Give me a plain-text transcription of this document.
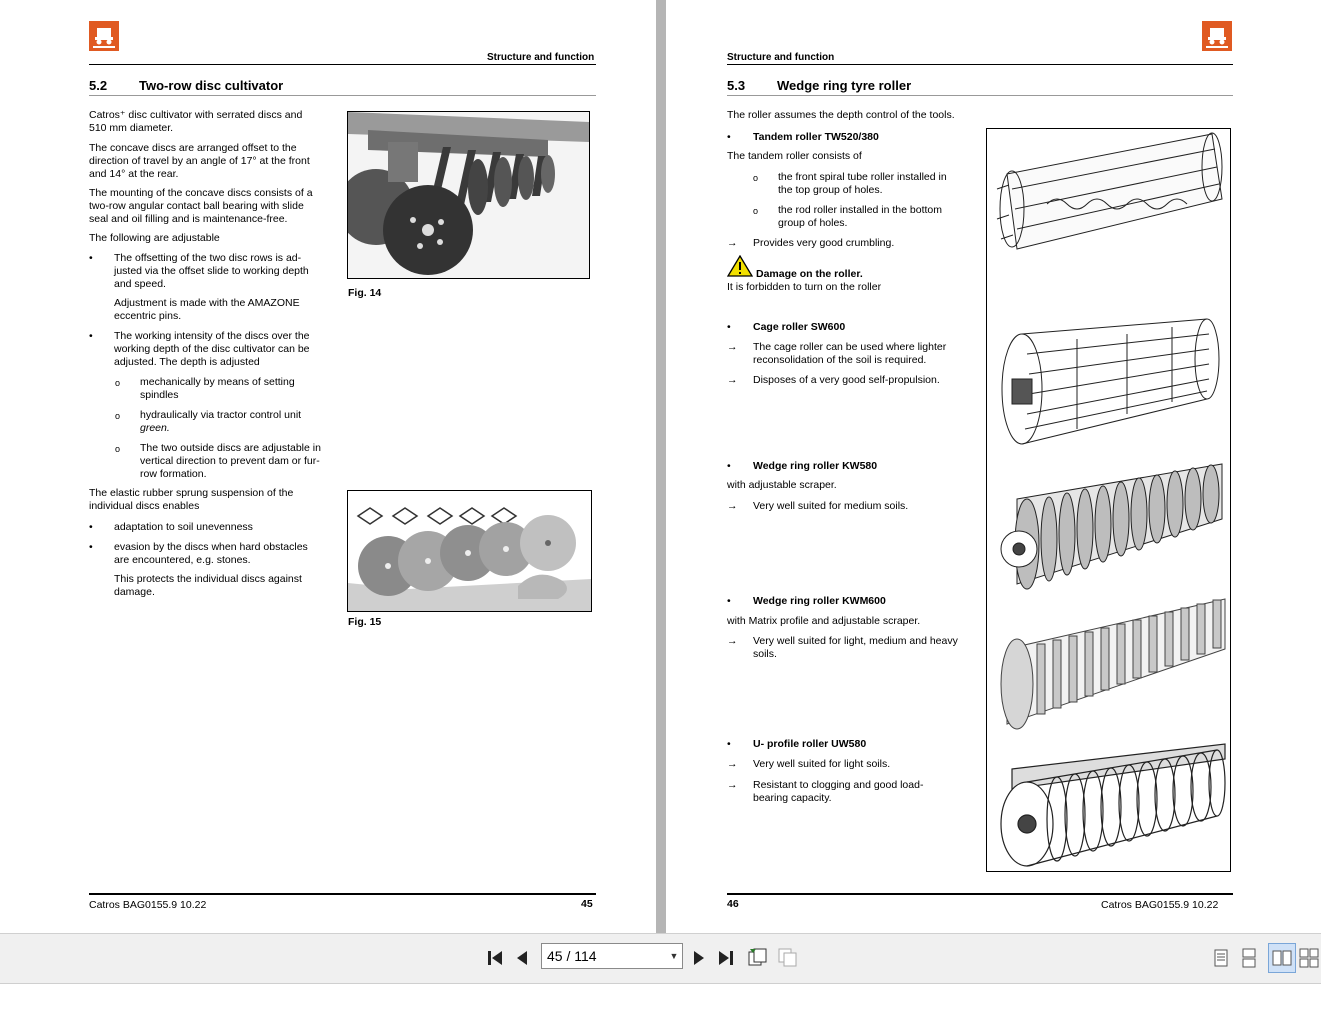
Structure and function
5.2 Two-row disc cultivator
Catros⁺ disc cultivator with serrated discs and
510 mm diameter.
The concave discs are arranged offset to the
direction of travel by an angle of 17° at the front
and 14° at the rear.
The mounting of the concave discs consists of a
two-row angular contact ball bearing with slide
seal and oil filling and is maintenance-free.
The following are adjustable
• The offsetting of the two disc rows is ad-
justed via the offset slide to working depth
and speed.
Adjustment is made with the AMAZONE
eccentric pins.
• The working intensity of the discs over the
working depth of the disc cultivator can be
adjusted. The depth is adjusted
o mechanically by means of setting
spindles
o hydraulically via tractor control unit
green.
o The two outside discs are adjustable in
vertical direction to prevent dam or fur-
row formation.
The elastic rubber sprung suspension of the
individual discs enables
• adaptation to soil unevenness
• evasion by the discs when hard obstacles
are encountered, e.g. stones.
This protects the individual discs against
damage.
Fig. 14
Fig. 15
Catros BAG0155.9 10.22	45
Structure and function
5.3 Wedge ring tyre roller
The roller assumes the depth control of the tools.
• Tandem roller TW520/380
The tandem roller consists of
o the front spiral tube roller installed in
the top group of holes.
o the rod roller installed in the bottom
group of holes.
→ Provides very good crumbling.
Damage on the roller.
It is forbidden to turn on the roller
• Cage roller SW600
→ The cage roller can be used where lighter
reconsolidation of the soil is required.
→ Disposes of a very good self-propulsion.
• Wedge ring roller KW580
with adjustable scraper.
→ Very well suited for medium soils.
• Wedge ring roller KWM600
with Matrix profile and adjustable scraper.
→ Very well suited for light, medium and heavy
soils.
• U- profile roller UW580
→ Very well suited for light soils.
→ Resistant to clogging and good load-
bearing capacity.
46	Catros BAG0155.9 10.22
45 / 114	▼
